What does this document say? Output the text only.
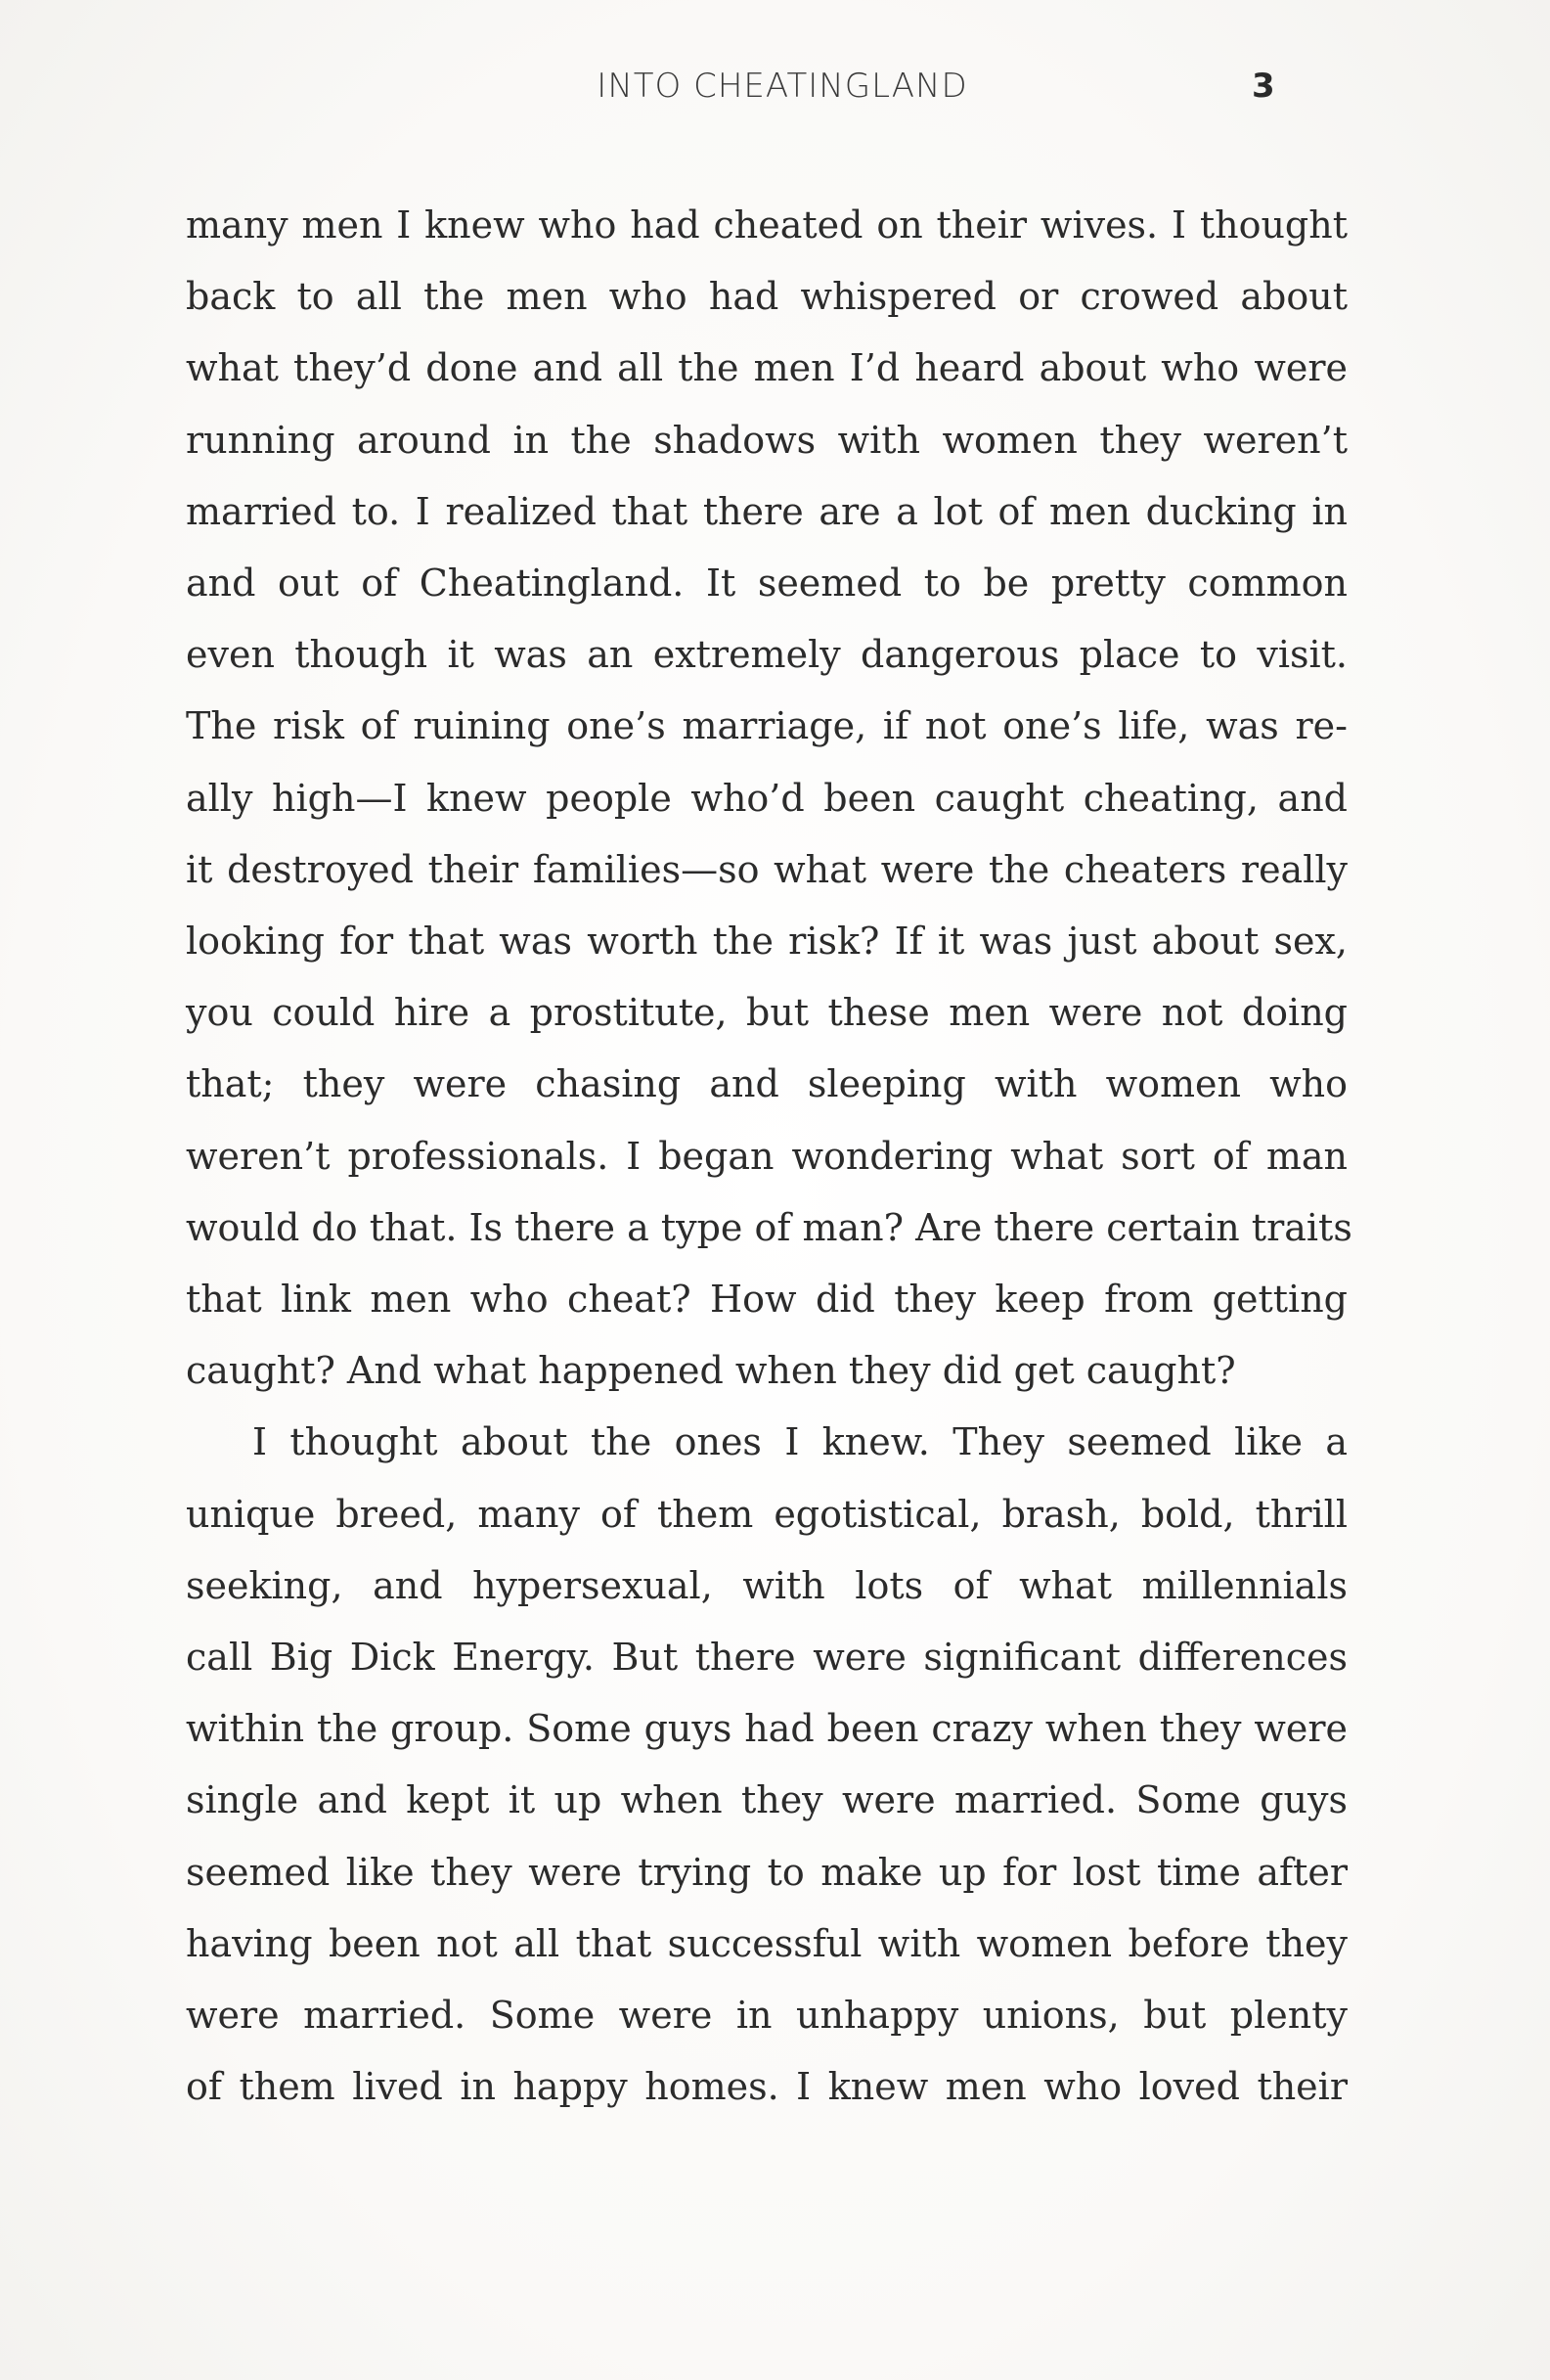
INTO CHEATINGLAND	3

many men I knew who had cheated on their wives. I thought
back to all the men who had whispered or crowed about
what they’d done and all the men I’d heard about who were
running around in the shadows with women they weren’t
married to. I realized that there are a lot of men ducking in
and out of Cheatingland. It seemed to be pretty common
even though it was an extremely dangerous place to visit.
The risk of ruining one’s marriage, if not one’s life, was re-
ally high—I knew people who’d been caught cheating, and
it destroyed their families—so what were the cheaters really
looking for that was worth the risk? If it was just about sex,
you could hire a prostitute, but these men were not doing
that; they were chasing and sleeping with women who
weren’t professionals. I began wondering what sort of man
would do that. Is there a type of man? Are there certain traits
that link men who cheat? How did they keep from getting
caught? And what happened when they did get caught?

I thought about the ones I knew. They seemed like a
unique breed, many of them egotistical, brash, bold, thrill
seeking, and hypersexual, with lots of what millennials
call Big Dick Energy. But there were significant differences
within the group. Some guys had been crazy when they were
single and kept it up when they were married. Some guys
seemed like they were trying to make up for lost time after
having been not all that successful with women before they
were married. Some were in unhappy unions, but plenty
of them lived in happy homes. I knew men who loved their
